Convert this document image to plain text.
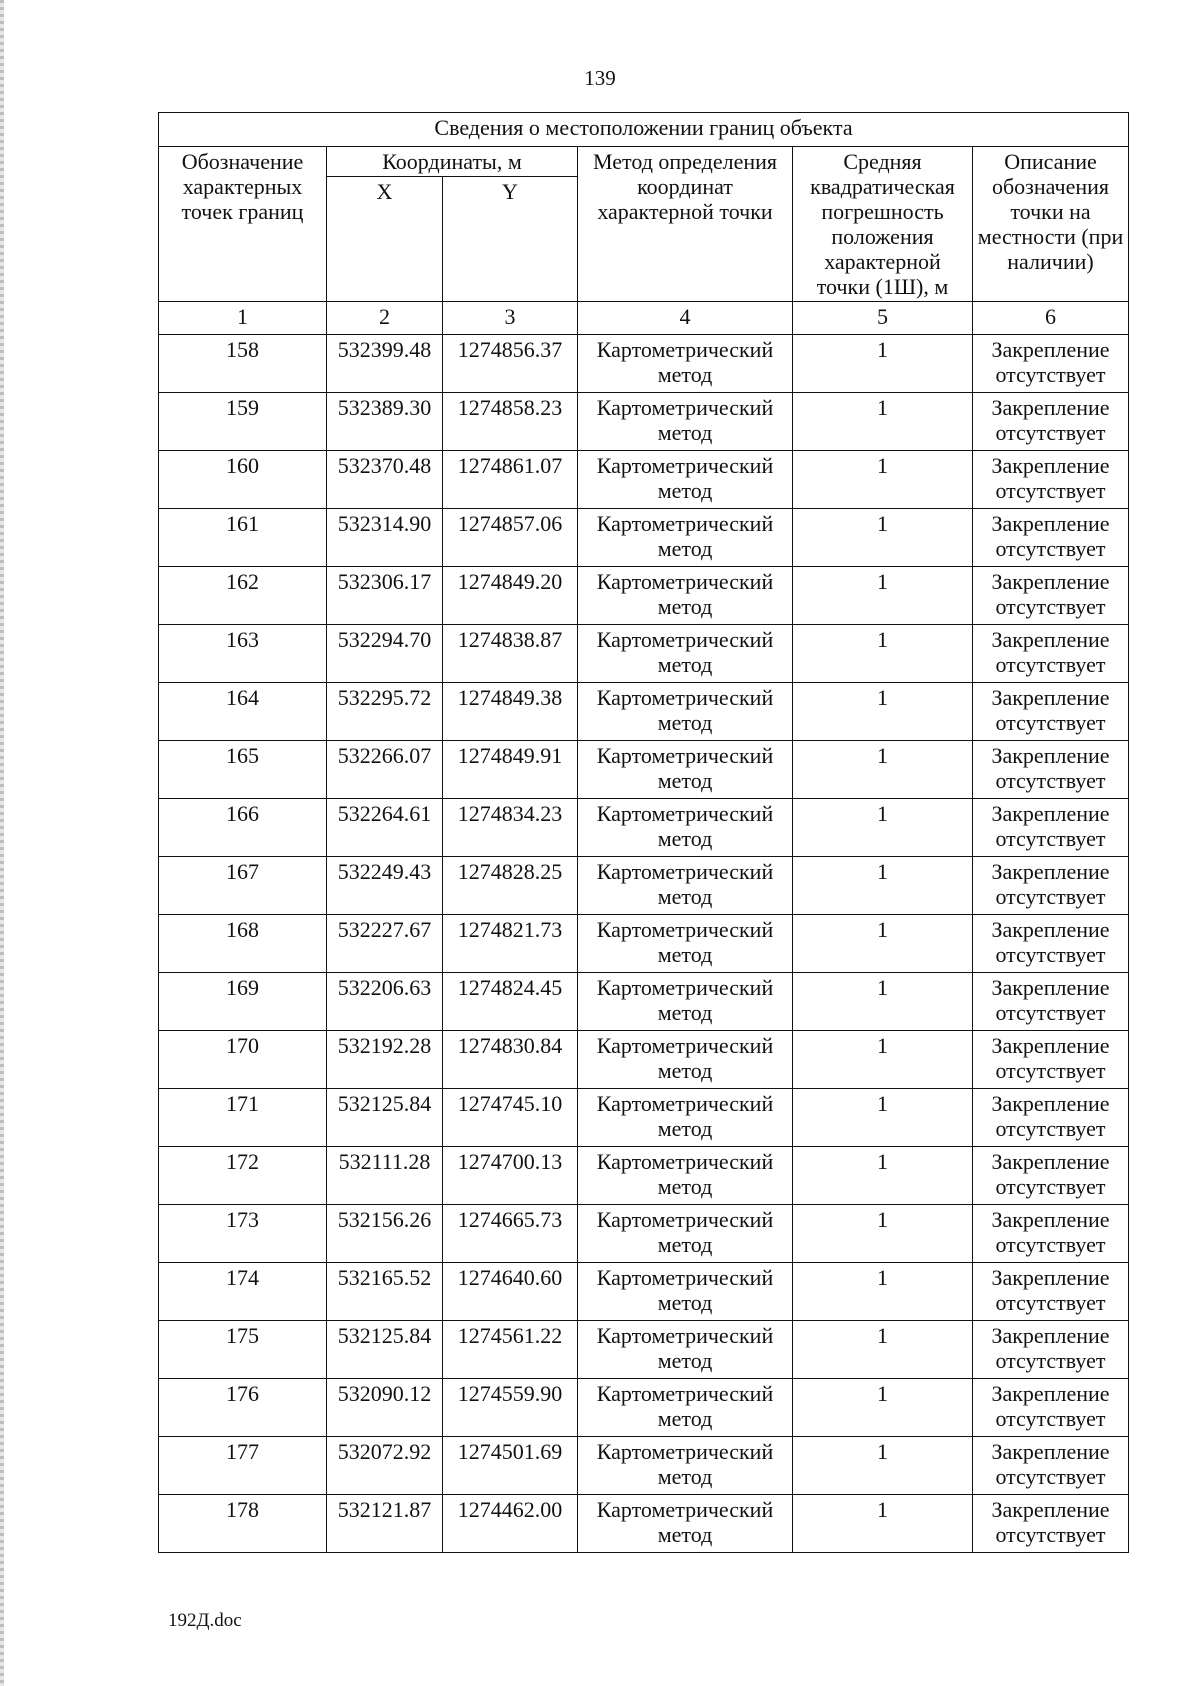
139
Сведения о местоположении границ объекта					
Обозначение характерных точек границ	Координаты, м		Метод определения координат характерной точки	Средняя квадратическая погрешность положения характерной точки (1Ш), м	Описание обозначения точки на местности (при наличии)
	X	Y			
1	2	3	4	5	6
158	532399.48	1274856.37	Картометрический метод	1	Закрепление отсутствует
159	532389.30	1274858.23	Картометрический метод	1	Закрепление отсутствует
160	532370.48	1274861.07	Картометрический метод	1	Закрепление отсутствует
161	532314.90	1274857.06	Картометрический метод	1	Закрепление отсутствует
162	532306.17	1274849.20	Картометрический метод	1	Закрепление отсутствует
163	532294.70	1274838.87	Картометрический метод	1	Закрепление отсутствует
164	532295.72	1274849.38	Картометрический метод	1	Закрепление отсутствует
165	532266.07	1274849.91	Картометрический метод	1	Закрепление отсутствует
166	532264.61	1274834.23	Картометрический метод	1	Закрепление отсутствует
167	532249.43	1274828.25	Картометрический метод	1	Закрепление отсутствует
168	532227.67	1274821.73	Картометрический метод	1	Закрепление отсутствует
169	532206.63	1274824.45	Картометрический метод	1	Закрепление отсутствует
170	532192.28	1274830.84	Картометрический метод	1	Закрепление отсутствует
171	532125.84	1274745.10	Картометрический метод	1	Закрепление отсутствует
172	532111.28	1274700.13	Картометрический метод	1	Закрепление отсутствует
173	532156.26	1274665.73	Картометрический метод	1	Закрепление отсутствует
174	532165.52	1274640.60	Картометрический метод	1	Закрепление отсутствует
175	532125.84	1274561.22	Картометрический метод	1	Закрепление отсутствует
176	532090.12	1274559.90	Картометрический метод	1	Закрепление отсутствует
177	532072.92	1274501.69	Картометрический метод	1	Закрепление отсутствует
178	532121.87	1274462.00	Картометрический метод	1	Закрепление отсутствует
192Д.doc
